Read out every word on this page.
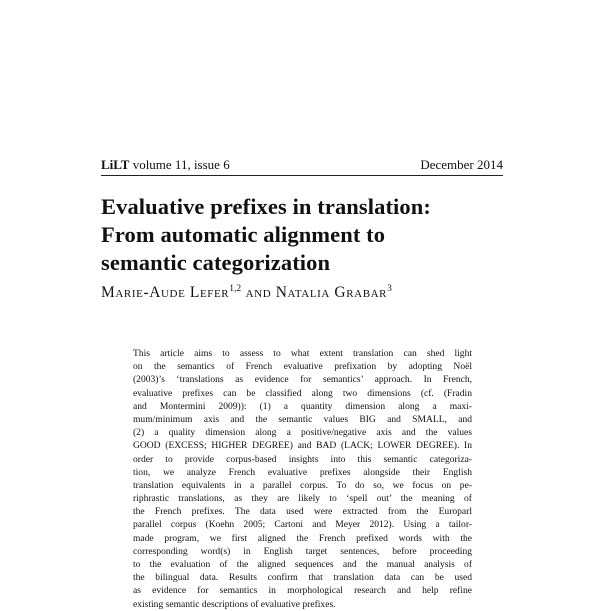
LiLT volume 11, issue 6	December 2014
Evaluative prefixes in translation:
From automatic alignment to
semantic categorization
Marie-Aude Lefer$^{1,2}$ and Natalia Grabar$^3$
This article aims to assess to what extent translation can shed light
on the semantics of French evaluative prefixation by adopting Noël
(2003)’s ‘translations as evidence for semantics’ approach. In French,
evaluative prefixes can be classified along two dimensions (cf. (Fradin
and Montermini 2009)): (1) a quantity dimension along a maxi-
mum/minimum axis and the semantic values BIG and SMALL, and
(2) a quality dimension along a positive/negative axis and the values
GOOD (EXCESS; HIGHER DEGREE) and BAD (LACK; LOWER DEGREE). In
order to provide corpus-based insights into this semantic categoriza-
tion, we analyze French evaluative prefixes alongside their English
translation equivalents in a parallel corpus. To do so, we focus on pe-
riphrastic translations, as they are likely to ‘spell out’ the meaning of
the French prefixes. The data used were extracted from the Europarl
parallel corpus (Koehn 2005; Cartoni and Meyer 2012). Using a tailor-
made program, we first aligned the French prefixed words with the
corresponding word(s) in English target sentences, before proceeding
to the evaluation of the aligned sequences and the manual analysis of
the bilingual data. Results confirm that translation data can be used
as evidence for semantics in morphological research and help refine
existing semantic descriptions of evaluative prefixes.
